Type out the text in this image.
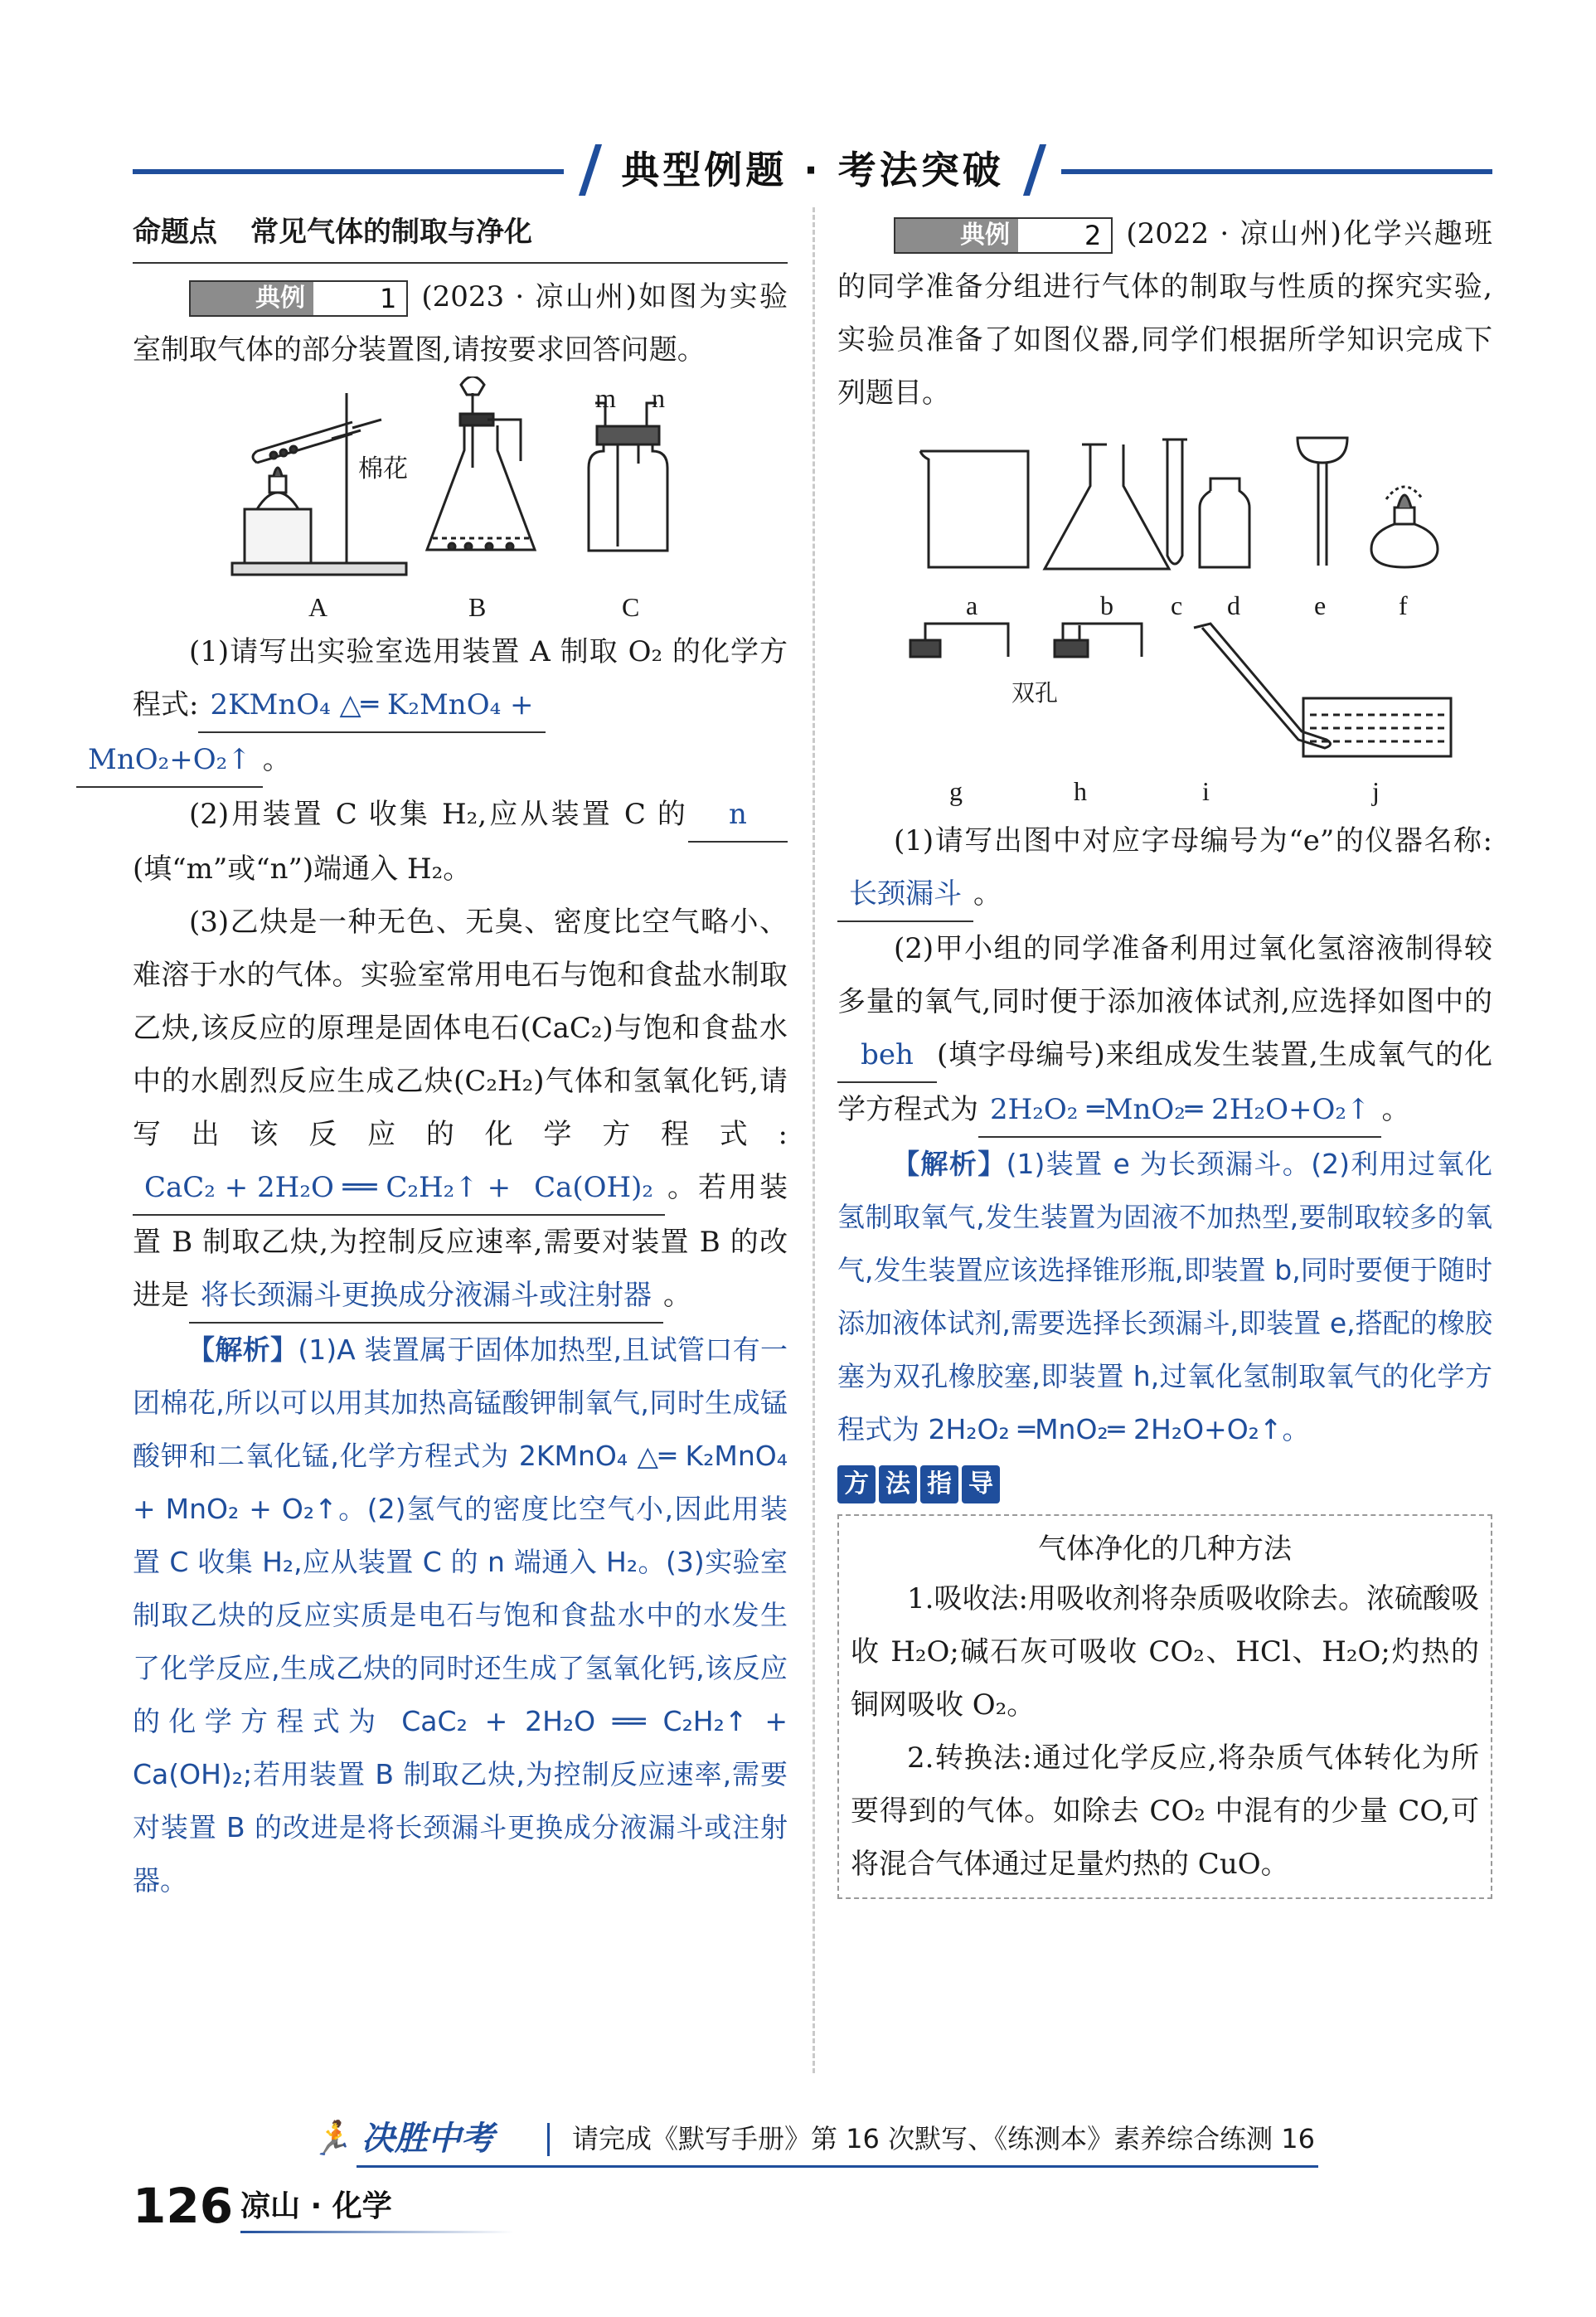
典型例题 · 考法突破
命题点 常见气体的制取与净化

典例	1 (2023 · 凉山州)如图为实验室制取气体的部分装置图,请按要求回答问题。

A	B	C
m n
棉花

(1)请写出实验室选用装置 A 制取 O₂ 的化学方程式: 2KMnO₄ △═ K₂MnO₄ +
MnO₂+O₂↑ 。

(2)用装置 C 收集 H₂,应从装置 C 的 n(填“m”或“n”)端通入 H₂。

(3)乙炔是一种无色、无臭、密度比空气略小、难溶于水的气体。实验室常用电石与饱和食盐水制取乙炔,该反应的原理是固体电石(CaC₂)与饱和食盐水中的水剧烈反应生成乙炔(C₂H₂)气体和氢氧化钙,请写出该反应的化学方程式:CaC₂ + 2H₂O ══ C₂H₂↑ + Ca(OH)₂ 。若用装置 B 制取乙炔,为控制反应速率,需要对装置 B 的改进是 将长颈漏斗更换成分液漏斗或注射器 。

【解析】(1)A 装置属于固体加热型,且试管口有一团棉花,所以可以用其加热高锰酸钾制氧气,同时生成锰酸钾和二氧化锰,化学方程式为 2KMnO₄ △═ K₂MnO₄ + MnO₂ + O₂↑。(2)氢气的密度比空气小,因此用装置 C 收集 H₂,应从装置 C 的 n 端通入 H₂。(3)实验室制取乙炔的反应实质是电石与饱和食盐水中的水发生了化学反应,生成乙炔的同时还生成了氢氧化钙,该反应的化学方程式为 CaC₂ + 2H₂O ══ C₂H₂↑ + Ca(OH)₂;若用装置 B 制取乙炔,为控制反应速率,需要对装置 B 的改进是将长颈漏斗更换成分液漏斗或注射器。

典例	2 (2022 · 凉山州)化学兴趣班的同学准备分组进行气体的制取与性质的探究实验,实验员准备了如图仪器,同学们根据所学知识完成下列题目。

a	b c d	e	f
g	h	i	j
双孔

(1)请写出图中对应字母编号为“e”的仪器名称:长颈漏斗 。

(2)甲小组的同学准备利用过氧化氢溶液制得较多量的氧气,同时便于添加液体试剂,应选择如图中的beh (填字母编号)来组成发生装置,生成氧气的化学方程式为 2H₂O₂ ═MnO₂═ 2H₂O+O₂↑ 。

【解析】(1)装置 e 为长颈漏斗。(2)利用过氧化氢制取氧气,发生装置为固液不加热型,要制取较多的氧气,发生装置应该选择锥形瓶,即装置 b,同时要便于随时添加液体试剂,需要选择长颈漏斗,即装置 e,搭配的橡胶塞为双孔橡胶塞,即装置 h,过氧化氢制取氧气的化学方程式为 2H₂O₂ ═MnO₂═ 2H₂O+O₂↑。

方 法 指 导
气体净化的几种方法

1.吸收法:用吸收剂将杂质吸收除去。浓硫酸吸收 H₂O;碱石灰可吸收 CO₂、HCl、H₂O;灼热的铜网吸收 O₂。

2.转换法:通过化学反应,将杂质气体转化为所要得到的气体。如除去 CO₂ 中混有的少量 CO,可将混合气体通过足量灼热的 CuO。

🏃 决胜中考	请完成《默写手册》第 16 次默写、《练测本》素养综合练测 16
126 凉山 · 化学
